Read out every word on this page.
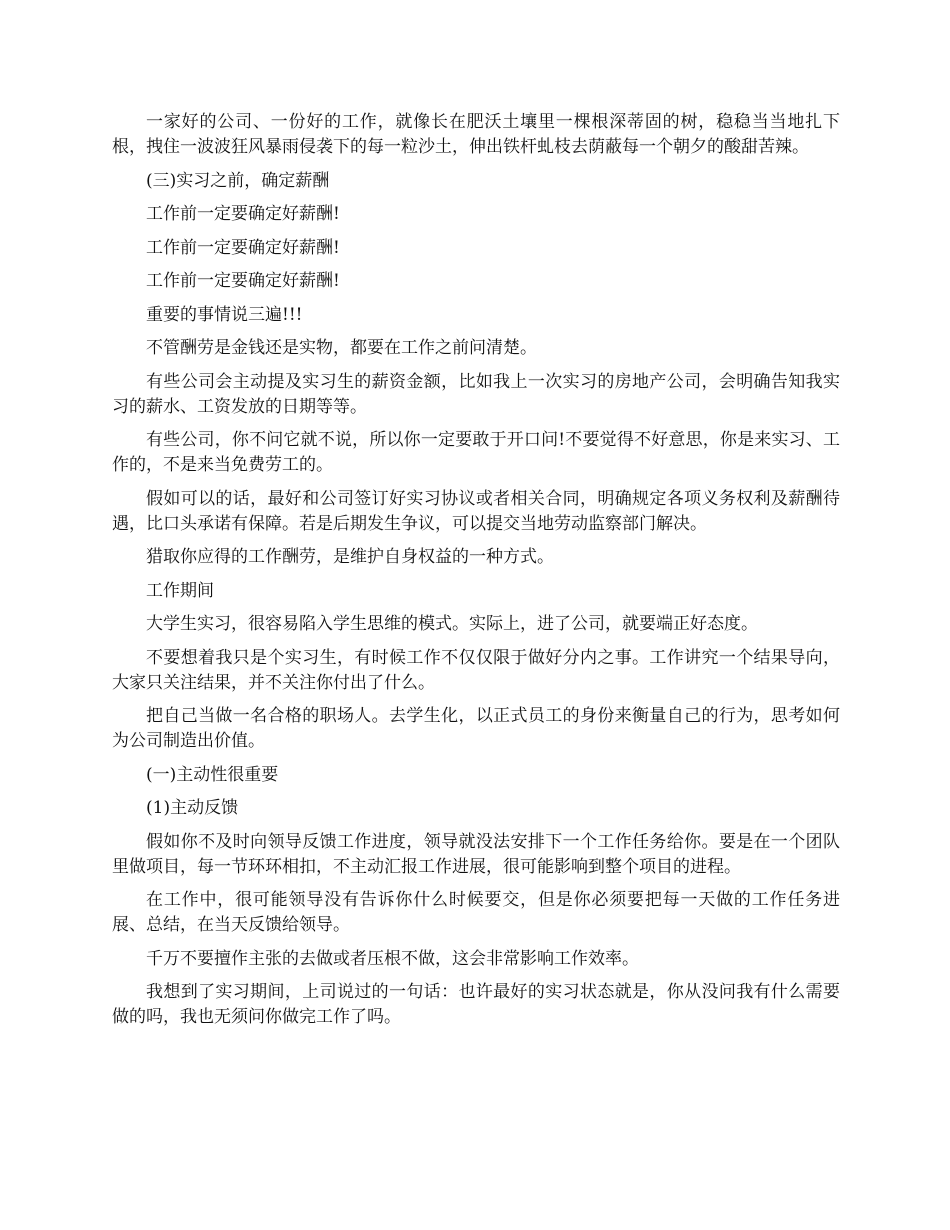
一家好的公司、一份好的工作，就像长在肥沃土壤里一棵根深蒂固的树，稳稳当当地扎下根，拽住一波波狂风暴雨侵袭下的每一粒沙土，伸出铁杆虬枝去荫蔽每一个朝夕的酸甜苦辣。

(三)实习之前，确定薪酬

工作前一定要确定好薪酬!

工作前一定要确定好薪酬!

工作前一定要确定好薪酬!

重要的事情说三遍!!!

不管酬劳是金钱还是实物，都要在工作之前问清楚。

有些公司会主动提及实习生的薪资金额，比如我上一次实习的房地产公司，会明确告知我实习的薪水、工资发放的日期等等。

有些公司，你不问它就不说，所以你一定要敢于开口问!不要觉得不好意思，你是来实习、工作的，不是来当免费劳工的。

假如可以的话，最好和公司签订好实习协议或者相关合同，明确规定各项义务权利及薪酬待遇，比口头承诺有保障。若是后期发生争议，可以提交当地劳动监察部门解决。

猎取你应得的工作酬劳，是维护自身权益的一种方式。

工作期间

大学生实习，很容易陷入学生思维的模式。实际上，进了公司，就要端正好态度。

不要想着我只是个实习生，有时候工作不仅仅限于做好分内之事。工作讲究一个结果导向，大家只关注结果，并不关注你付出了什么。

把自己当做一名合格的职场人。去学生化，以正式员工的身份来衡量自己的行为，思考如何为公司制造出价值。

(一)主动性很重要

(1)主动反馈

假如你不及时向领导反馈工作进度，领导就没法安排下一个工作任务给你。要是在一个团队里做项目，每一节环环相扣，不主动汇报工作进展，很可能影响到整个项目的进程。

在工作中，很可能领导没有告诉你什么时候要交，但是你必须要把每一天做的工作任务进展、总结，在当天反馈给领导。

千万不要擅作主张的去做或者压根不做，这会非常影响工作效率。

我想到了实习期间，上司说过的一句话：也许最好的实习状态就是，你从没问我有什么需要做的吗，我也无须问你做完工作了吗。
